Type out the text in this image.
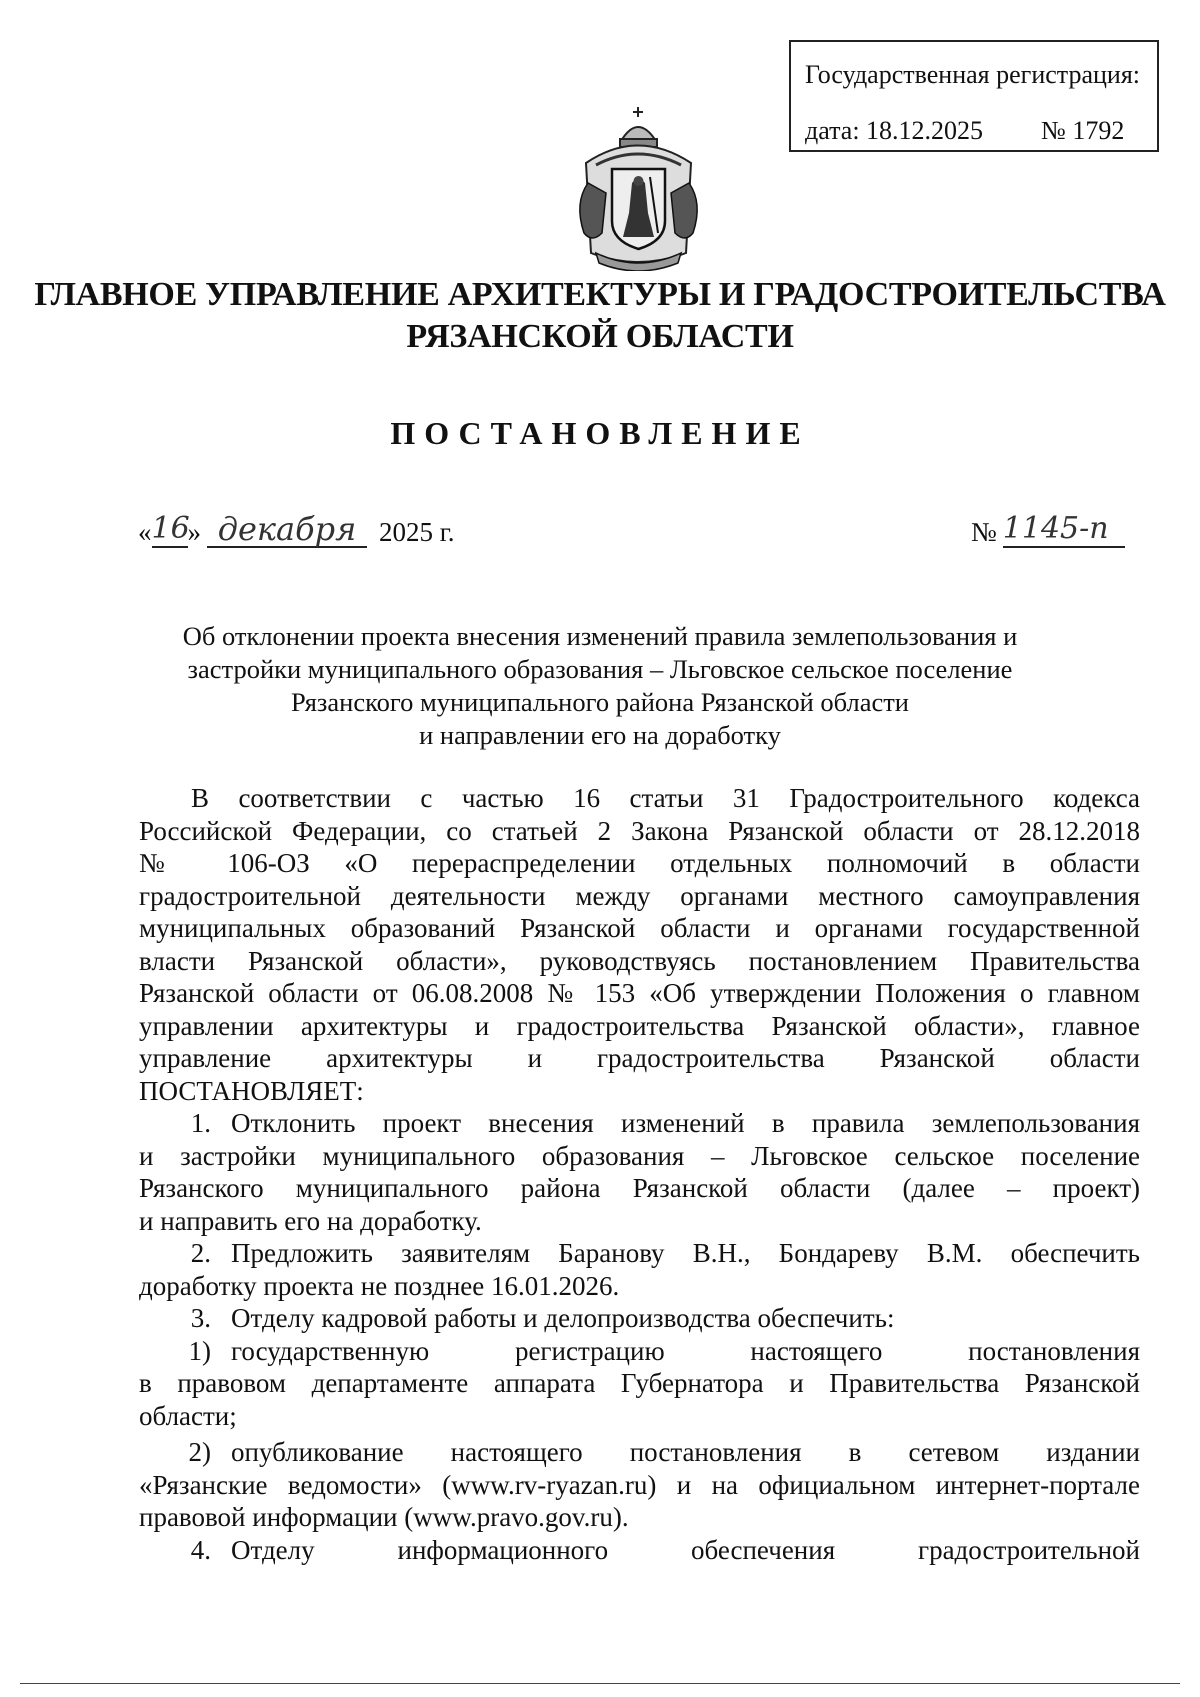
Государственная регистрация:
дата: 18.12.2025 № 1792
ГЛАВНОЕ УПРАВЛЕНИЕ АРХИТЕКТУРЫ И ГРАДОСТРОИТЕЛЬСТВА
РЯЗАНСКОЙ ОБЛАСТИ
ПОСТАНОВЛЕНИЕ
« 16
» декабря 2025 г.	№ 1145-п
Об отклонении проекта внесения изменений правила землепользования и
застройки муниципального образования – Льговское сельское поселение
Рязанского муниципального района Рязанской области
и направлении его на доработку
В соответствии с частью 16 статьи 31 Градостроительного кодекса
Российской Федерации, со статьей 2 Закона Рязанской области от 28.12.2018
№ 106-ОЗ «О перераспределении отдельных полномочий в области
градостроительной деятельности между органами местного самоуправления
муниципальных образований Рязанской области и органами государственной
власти Рязанской области», руководствуясь постановлением Правительства
Рязанской области от 06.08.2008 № 153 «Об утверждении Положения о главном
управлении архитектуры и градостроительства Рязанской области», главное
управление архитектуры и градостроительства Рязанской области
ПОСТАНОВЛЯЕТ:
1. Отклонить проект внесения изменений в правила землепользования
и застройки муниципального образования – Льговское сельское поселение
Рязанского муниципального района Рязанской области (далее – проект)
и направить его на доработку.
2. Предложить заявителям Баранову В.Н., Бондареву В.М. обеспечить
доработку проекта не позднее 16.01.2026.
3. Отделу кадровой работы и делопроизводства обеспечить:
1) государственную регистрацию настоящего постановления
в правовом департаменте аппарата Губернатора и Правительства Рязанской
области;
2) опубликование настоящего постановления в сетевом издании
«Рязанские ведомости» (www.rv-ryazan.ru) и на официальном интернет-портале
правовой информации (www.pravo.gov.ru).
4. Отделу информационного обеспечения градостроительной
